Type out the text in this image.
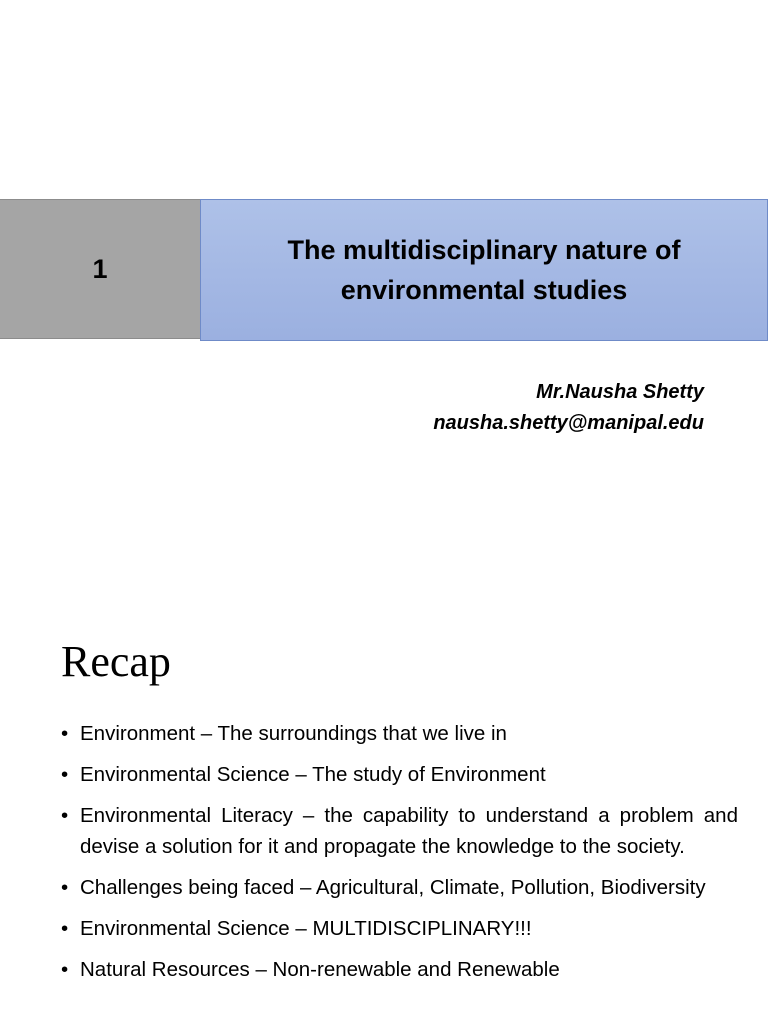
1
The multidisciplinary nature of
environmental studies
Mr.Nausha Shetty
nausha.shetty@manipal.edu
Recap
• Environment – The surroundings that we live in
• Environmental Science – The study of Environment
• Environmental Literacy – the capability to understand a problem and devise a solution for it and propagate the knowledge to the society.
• Challenges being faced – Agricultural, Climate, Pollution, Biodiversity
• Environmental Science – MULTIDISCIPLINARY!!!
• Natural Resources – Non-renewable and Renewable
